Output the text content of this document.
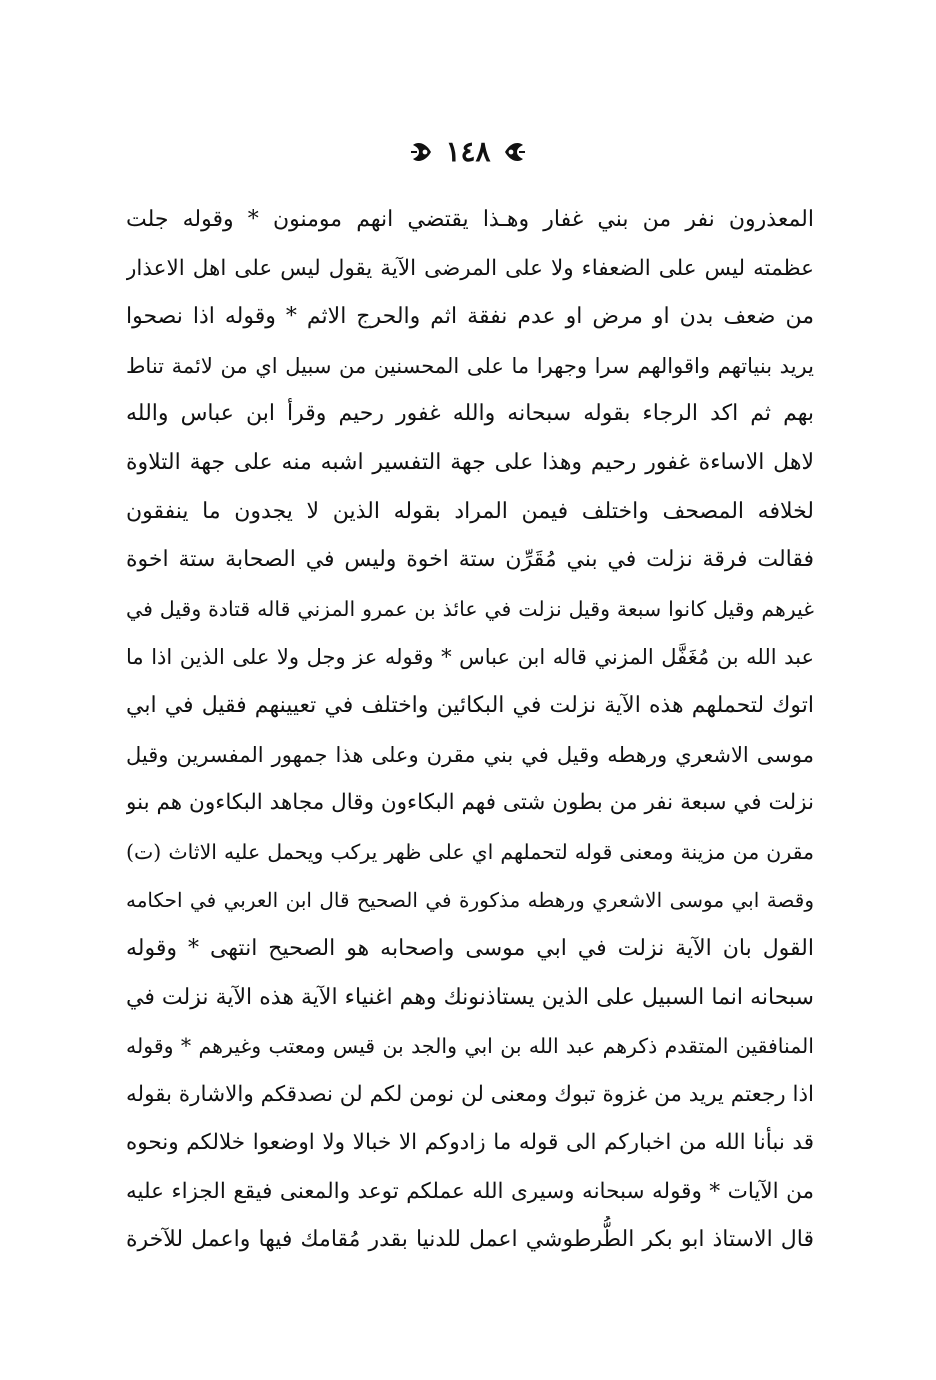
١٤٨
المعذرون نفر من بني غفار وهـذا يقتضي انهم مومنون * وقوله جلت
عظمته ليس على الضعفاء ولا على المرضى الآية يقول ليس على اهل الاعذار
من ضعف بدن او مرض او عدم نفقة اثم والحرج الاثم * وقوله اذا نصحوا
يريد بنياتهم واقوالهم سرا وجهرا ما على المحسنين من سبيل اي من لائمة تناط
بهم ثم اكد الرجاء بقوله سبحانه والله غفور رحيم وقرأ ابن عباس والله
لاهل الاساءة غفور رحيم وهذا على جهة التفسير اشبه منه على جهة التلاوة
لخلافه المصحف واختلف فيمن المراد بقوله الذين لا يجدون ما ينفقون
فقالت فرقة نزلت في بني مُقَرِّن ستة اخوة وليس في الصحابة ستة اخوة
غيرهم وقيل كانوا سبعة وقيل نزلت في عائذ بن عمرو المزني قاله قتادة وقيل في
عبد الله بن مُغَفَّل المزني قاله ابن عباس * وقوله عز وجل ولا على الذين اذا ما
اتوك لتحملهم هذه الآية نزلت في البكائين واختلف في تعيينهم فقيل في ابي
موسى الاشعري ورهطه وقيل في بني مقرن وعلى هذا جمهور المفسرين وقيل
نزلت في سبعة نفر من بطون شتى فهم البكاءون وقال مجاهد البكاءون هم بنو
مقرن من مزينة ومعنى قوله لتحملهم اي على ظهر يركب ويحمل عليه الاثاث (ت)
وقصة ابي موسى الاشعري ورهطه مذكورة في الصحيح قال ابن العربي في احكامه
القول بان الآية نزلت في ابي موسى واصحابه هو الصحيح انتهى * وقوله
سبحانه انما السبيل على الذين يستاذنونك وهم اغنياء الآية هذه الآية نزلت في
المنافقين المتقدم ذكرهم عبد الله بن ابي والجد بن قيس ومعتب وغيرهم * وقوله
اذا رجعتم يريد من غزوة تبوك ومعنى لن نومن لكم لن نصدقكم والاشارة بقوله
قد نبأنا الله من اخباركم الى قوله ما زادوكم الا خبالا ولا اوضعوا خلالكم ونحوه
من الآيات * وقوله سبحانه وسيرى الله عملكم توعد والمعنى فيقع الجزاء عليه
قال الاستاذ ابو بكر الطُّرطوشي اعمل للدنيا بقدر مُقامك فيها واعمل للآخرة
